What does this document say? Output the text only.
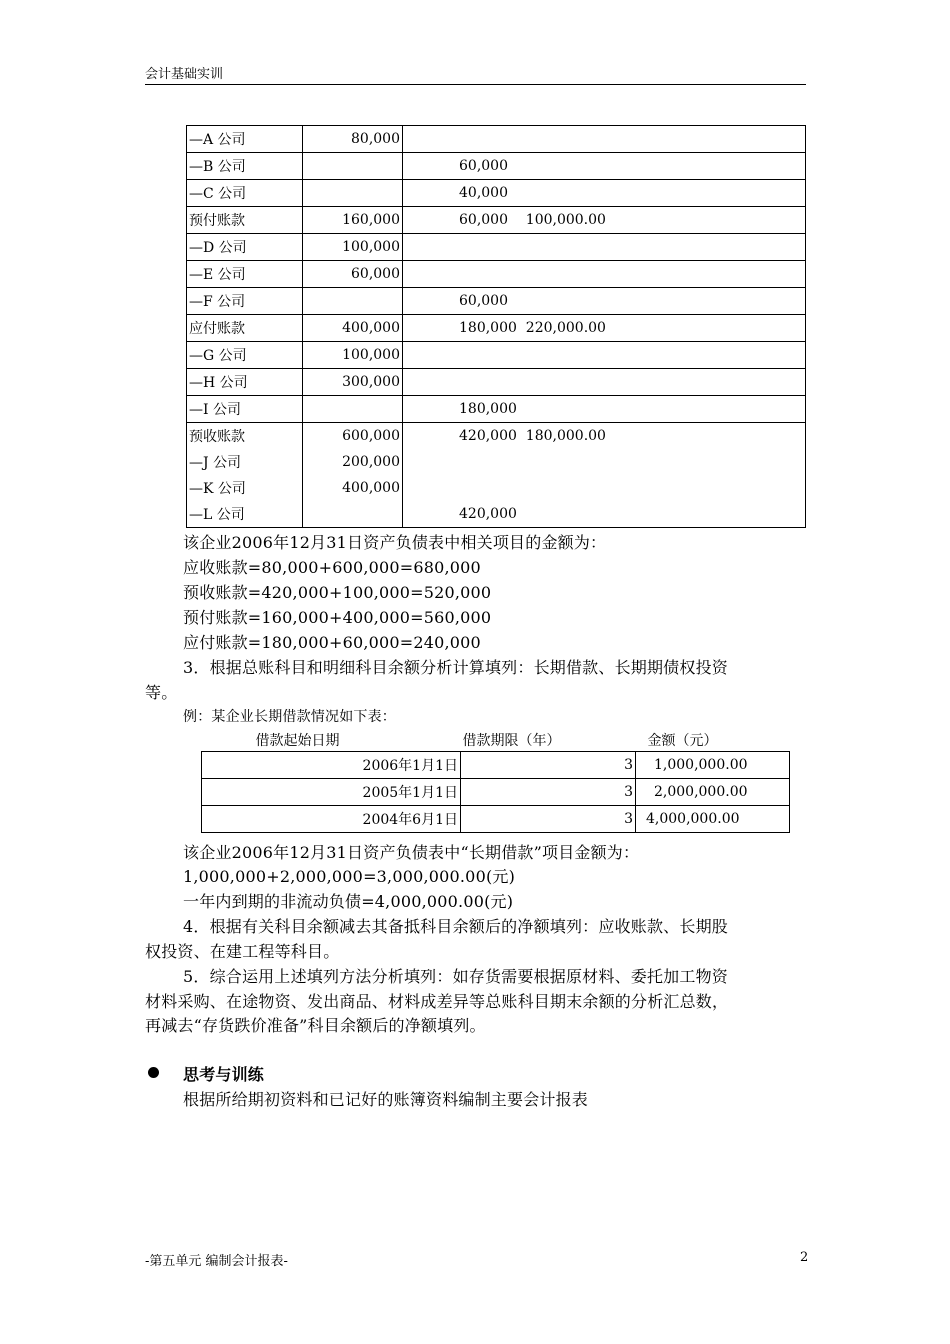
会计基础实训
—A 公司	80,000	
—B 公司		60,000
—C 公司		40,000
预付账款	160,000	60,000    100,000.00
—D 公司	100,000	
—E 公司	60,000	
—F 公司		60,000
应付账款	400,000	180,000  220,000.00
—G 公司	100,000	
—H 公司	300,000	
—I 公司		180,000
预收账款	600,000	420,000  180,000.00
—J 公司	200,000	
—K 公司	400,000	
—L 公司		420,000
该企业2006年12月31日资产负债表中相关项目的金额为：
应收账款=80,000+600,000=680,000
预收账款=420,000+100,000=520,000
预付账款=160,000+400,000=560,000
应付账款=180,000+60,000=240,000
3．根据总账科目和明细科目余额分析计算填列：长期借款、长期期债权投资
等。
例：某企业长期借款情况如下表：
借款起始日期	借款期限（年）	金额（元）
2006年1月1日	3	1,000,000.00
2005年1月1日	3	2,000,000.00
2004年6月1日	3	4,000,000.00
该企业2006年12月31日资产负债表中“长期借款”项目金额为：
1,000,000+2,000,000=3,000,000.00(元)
一年内到期的非流动负债=4,000,000.00(元)
4．根据有关科目余额减去其备抵科目余额后的净额填列：应收账款、长期股
权投资、在建工程等科目。
5．综合运用上述填列方法分析填列：如存货需要根据原材料、委托加工物资
材料采购、在途物资、发出商品、材料成差异等总账科目期末余额的分析汇总数，
再减去“存货跌价准备”科目余额后的净额填列。
思考与训练
根据所给期初资料和已记好的账簿资料编制主要会计报表
-第五单元 编制会计报表-	2
